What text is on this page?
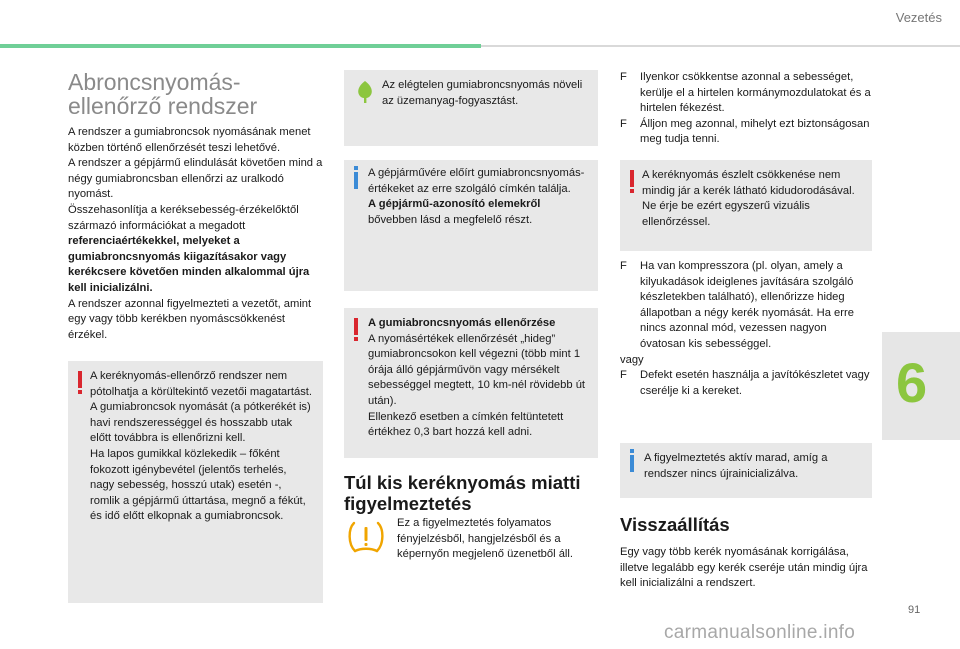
Vezetés
Abroncsnyomás-ellenőrző rendszer

A rendszer a gumiabroncsok nyomásának menet közben történő ellenőrzését teszi lehetővé.

A rendszer a gépjármű elindulását követően mind a négy gumiabroncsban ellenőrzi az uralkodó nyomást.

Összehasonlítja a keréksebesség-érzékelőktől származó információkat a megadott referenciaértékekkel, melyeket a gumiabroncsnyomás kiigazításakor vagy kerékcsere követően minden alkalommal újra kell inicializálni.

A rendszer azonnal figyelmezteti a vezetőt, amint egy vagy több kerékben nyomáscsökkenést érzékel.

A keréknyomás-ellenőrző rendszer nem pótolhatja a körültekintő vezetői magatartást.
A gumiabroncsok nyomását (a pótkerékét is) havi rendszerességgel és hosszabb utak előtt továbbra is ellenőrizni kell.
Ha lapos gumikkal közlekedik – főként fokozott igénybevétel (jelentős terhelés, nagy sebesség, hosszú utak) esetén -, romlik a gépjármű úttartása, megnő a fékút, és idő előtt elkopnak a gumiabroncsok.
Az elégtelen gumiabroncsnyomás növeli az üzemanyag-fogyasztást.
A gépjárművére előírt gumiabroncsnyomás-értékeket az erre szolgáló címkén találja.
A gépjármű-azonosító elemekről bővebben lásd a megfelelő részt.
A gumiabroncsnyomás ellenőrzése
A nyomásértékek ellenőrzését „hideg” gumiabroncsokon kell végezni (több mint 1 órája álló gépjárművön vagy mérsékelt sebességgel megtett, 10 km-nél rövidebb út után).
Ellenkező esetben a címkén feltüntetett értékhez 0,3 bart hozzá kell adni.
Túl kis keréknyomás miatti figyelmeztetés
Ez a figyelmeztetés folyamatos fényjelzésből, hangjelzésből és a képernyőn megjelenő üzenetből áll.
F Ilyenkor csökkentse azonnal a sebességet, kerülje el a hirtelen kormánymozdulatokat és a hirtelen fékezést.
F Álljon meg azonnal, mihelyt ezt biztonságosan meg tudja tenni.
A keréknyomás észlelt csökkenése nem mindig jár a kerék látható kidudorodásával. Ne érje be ezért egyszerű vizuális ellenőrzéssel.
F Ha van kompresszora (pl. olyan, amely a kilyukadások ideiglenes javítására szolgáló készletekben található), ellenőrizze hideg állapotban a négy kerék nyomását. Ha erre nincs azonnal mód, vezessen nagyon óvatosan kis sebességgel.
vagy
F Defekt esetén használja a javítókészletet vagy cserélje ki a kereket.
A figyelmeztetés aktív marad, amíg a rendszer nincs újrainicializálva.
Visszaállítás
Egy vagy több kerék nyomásának korrigálása, illetve legalább egy kerék cseréje után mindig újra kell inicializálni a rendszert.
6
91
carmanualsonline.info
